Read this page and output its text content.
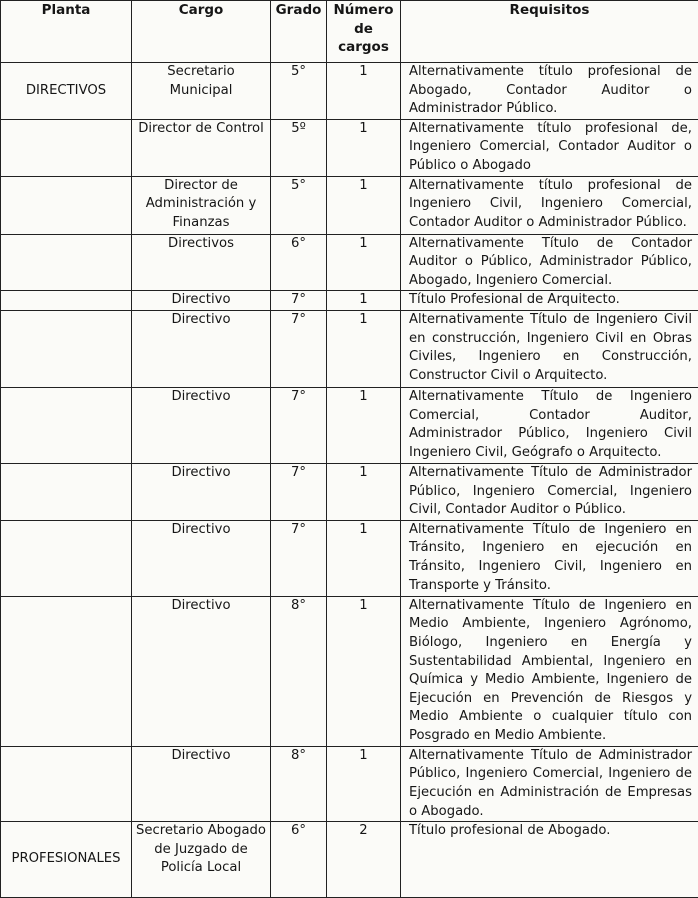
Planta	Cargo	Grado	Número de cargos	Requisitos
DIRECTIVOS	Secretario Municipal	5°	1	Alternativamente título profesional de Abogado, Contador Auditor o Administrador Público.
	Director de Control	5º	1	Alternativamente título profesional de, Ingeniero Comercial, Contador Auditor o Público o Abogado
	Director de Administración y Finanzas	5°	1	Alternativamente título profesional de Ingeniero Civil, Ingeniero Comercial, Contador Auditor o Administrador Público.
	Directivos	6°	1	Alternativamente Título de Contador Auditor o Público, Administrador Público, Abogado, Ingeniero Comercial.
	Directivo	7°	1	Título Profesional de Arquitecto.
	Directivo	7°	1	Alternativamente Título de Ingeniero Civil en construcción, Ingeniero Civil en Obras Civiles, Ingeniero en Construcción, Constructor Civil o Arquitecto.
	Directivo	7°	1	Alternativamente Título de Ingeniero Comercial, Contador Auditor, Administrador Público, Ingeniero Civil Ingeniero Civil, Geógrafo o Arquitecto.
	Directivo	7°	1	Alternativamente Título de Administrador Público, Ingeniero Comercial, Ingeniero Civil, Contador Auditor o Público.
	Directivo	7°	1	Alternativamente Título de Ingeniero en Tránsito, Ingeniero en ejecución en Tránsito, Ingeniero Civil, Ingeniero en Transporte y Tránsito.
	Directivo	8°	1	Alternativamente Título de Ingeniero en Medio Ambiente, Ingeniero Agrónomo, Biólogo, Ingeniero en Energía y Sustentabilidad Ambiental, Ingeniero en Química y Medio Ambiente, Ingeniero de Ejecución en Prevención de Riesgos y Medio Ambiente o cualquier título con Posgrado en Medio Ambiente.
	Directivo	8°	1	Alternativamente Título de Administrador Público, Ingeniero Comercial, Ingeniero de Ejecución en Administración de Empresas o Abogado.
PROFESIONALES	Secretario Abogado de Juzgado de Policía Local	6°	2	Título profesional de Abogado.
